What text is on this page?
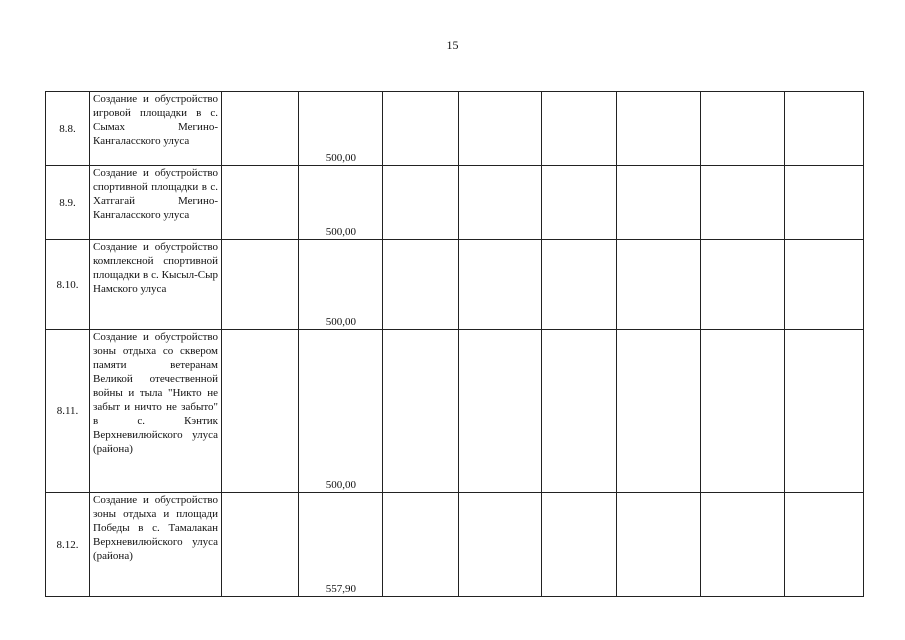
15
8.8.	Создание и обустройство игровой площадки в с. Сымах Мегино-Кангаласского улуса		500,00						
8.9.	Создание и обустройство спортивной площадки в с. Хатгагай Мегино-Кангаласского улуса		500,00						
8.10.	Создание и обустройство комплексной спортивной площадки в с. Кысыл-Сыр Намского улуса		500,00						
8.11.	Создание и обустройство зоны отдыха со сквером памяти ветеранам Великой отечественной войны и тыла "Никто не забыт и ничто не забыто" в с. Кэнтик Верхневилюйского улуса (района)		500,00						
8.12.	Создание и обустройство зоны отдыха и площади Победы в с. Тамалакан Верхневилюйского улуса (района)		557,90						
